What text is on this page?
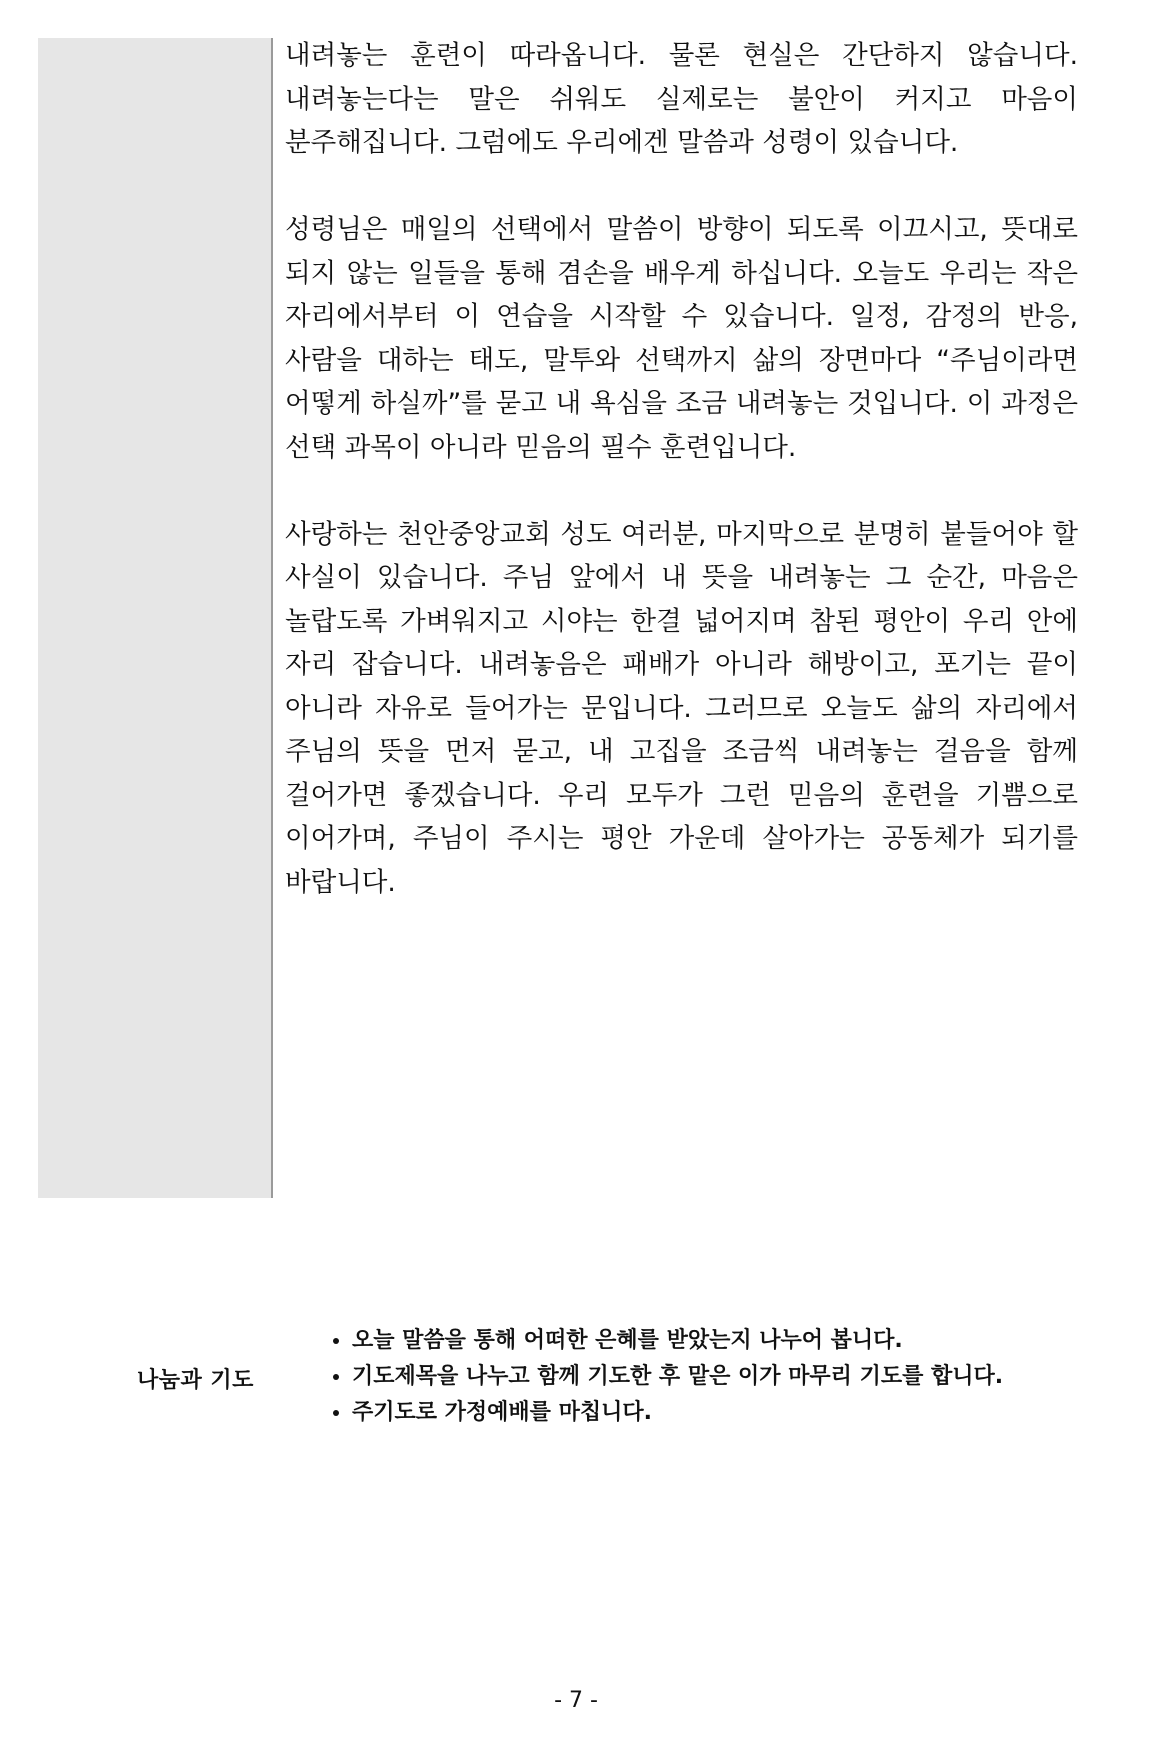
내려놓는 훈련이 따라옵니다. 물론 현실은 간단하지 않습니다. 내려놓는다는 말은 쉬워도 실제로는 불안이 커지고 마음이 분주해집니다. 그럼에도 우리에겐 말씀과 성령이 있습니다.

성령님은 매일의 선택에서 말씀이 방향이 되도록 이끄시고, 뜻대로 되지 않는 일들을 통해 겸손을 배우게 하십니다. 오늘도 우리는 작은 자리에서부터 이 연습을 시작할 수 있습니다. 일정, 감정의 반응, 사람을 대하는 태도, 말투와 선택까지 삶의 장면마다 “주님이라면 어떻게 하실까”를 묻고 내 욕심을 조금 내려놓는 것입니다. 이 과정은 선택 과목이 아니라 믿음의 필수 훈련입니다.

사랑하는 천안중앙교회 성도 여러분, 마지막으로 분명히 붙들어야 할 사실이 있습니다. 주님 앞에서 내 뜻을 내려놓는 그 순간, 마음은 놀랍도록 가벼워지고 시야는 한결 넓어지며 참된 평안이 우리 안에 자리 잡습니다. 내려놓음은 패배가 아니라 해방이고, 포기는 끝이 아니라 자유로 들어가는 문입니다. 그러므로 오늘도 삶의 자리에서 주님의 뜻을 먼저 묻고, 내 고집을 조금씩 내려놓는 걸음을 함께 걸어가면 좋겠습니다. 우리 모두가 그런 믿음의 훈련을 기쁨으로 이어가며, 주님이 주시는 평안 가운데 살아가는 공동체가 되기를 바랍니다.

나눔과 기도
• 오늘 말씀을 통해 어떠한 은혜를 받았는지 나누어 봅니다.
• 기도제목을 나누고 함께 기도한 후 맡은 이가 마무리 기도를 합니다.
• 주기도로 가정예배를 마칩니다.
- 7 -
